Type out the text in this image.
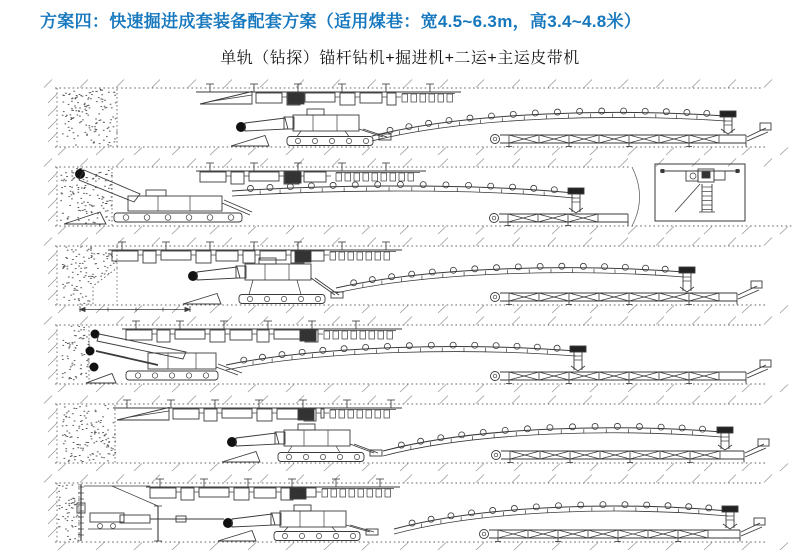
方案四：快速掘进成套装备配套方案（适用煤巷：宽4.5~6.3m，高3.4~4.8米）
单轨（钻探）锚杆钻机+掘进机+二运+主运皮带机
